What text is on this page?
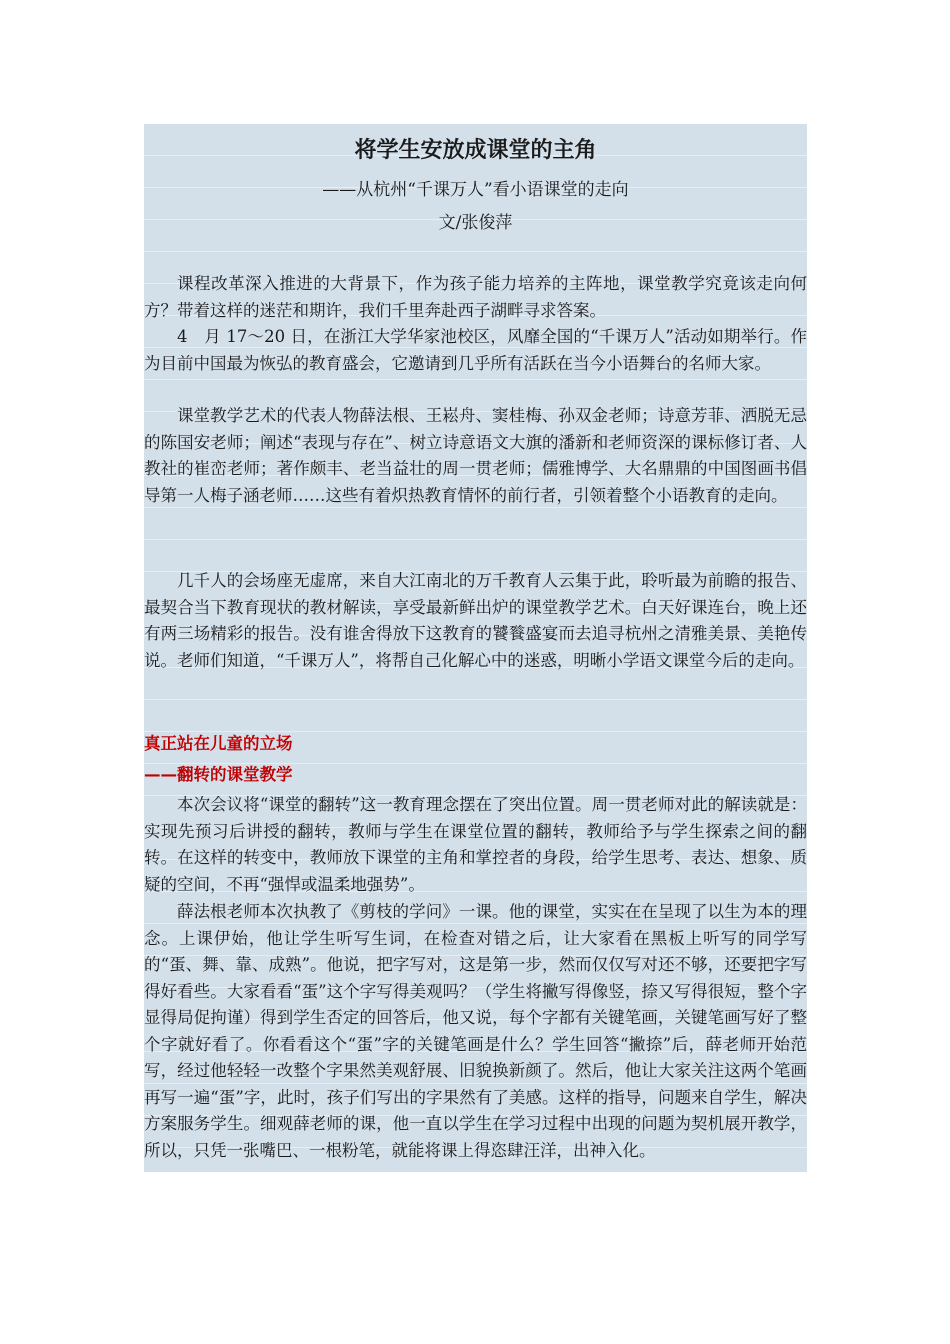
将学生安放成课堂的主角

——从杭州“千课万人”看小语课堂的走向

文/张俊萍

课程改革深入推进的大背景下，作为孩子能力培养的主阵地，课堂教学究竟该走向何方？带着这样的迷茫和期许，我们千里奔赴西子湖畔寻求答案。

4　月 17～20 日，在浙江大学华家池校区，风靡全国的“千课万人”活动如期举行。作为目前中国最为恢弘的教育盛会，它邀请到几乎所有活跃在当今小语舞台的名师大家。

课堂教学艺术的代表人物薛法根、王崧舟、窦桂梅、孙双金老师；诗意芳菲、洒脱无忌的陈国安老师；阐述“表现与存在”、树立诗意语文大旗的潘新和老师资深的课标修订者、人教社的崔峦老师；著作颇丰、老当益壮的周一贯老师；儒雅博学、大名鼎鼎的中国图画书倡导第一人梅子涵老师……这些有着炽热教育情怀的前行者，引领着整个小语教育的走向。

几千人的会场座无虚席，来自大江南北的万千教育人云集于此，聆听最为前瞻的报告、最契合当下教育现状的教材解读，享受最新鲜出炉的课堂教学艺术。白天好课连台，晚上还有两三场精彩的报告。没有谁舍得放下这教育的饕餮盛宴而去追寻杭州之清雅美景、美艳传说。老师们知道，“千课万人”，将帮自己化解心中的迷惑，明晰小学语文课堂今后的走向。

真正站在儿童的立场

——翻转的课堂教学

本次会议将“课堂的翻转”这一教育理念摆在了突出位置。周一贯老师对此的解读就是：实现先预习后讲授的翻转，教师与学生在课堂位置的翻转，教师给予与学生探索之间的翻转。在这样的转变中，教师放下课堂的主角和掌控者的身段，给学生思考、表达、想象、质疑的空间，不再“强悍或温柔地强势”。

薛法根老师本次执教了《剪枝的学问》一课。他的课堂，实实在在呈现了以生为本的理念。上课伊始，他让学生听写生词，在检查对错之后，让大家看在黑板上听写的同学写的“蛋、舞、靠、成熟”。他说，把字写对，这是第一步，然而仅仅写对还不够，还要把字写得好看些。大家看看“蛋”这个字写得美观吗？（学生将撇写得像竖，捺又写得很短，整个字显得局促拘谨）得到学生否定的回答后，他又说，每个字都有关键笔画，关键笔画写好了整个字就好看了。你看看这个“蛋”字的关键笔画是什么？学生回答“撇捺”后，薛老师开始范写，经过他轻轻一改整个字果然美观舒展、旧貌换新颜了。然后，他让大家关注这两个笔画再写一遍“蛋”字，此时，孩子们写出的字果然有了美感。这样的指导，问题来自学生，解决方案服务学生。细观薛老师的课，他一直以学生在学习过程中出现的问题为契机展开教学，所以，只凭一张嘴巴、一根粉笔，就能将课上得恣肆汪洋，出神入化。
